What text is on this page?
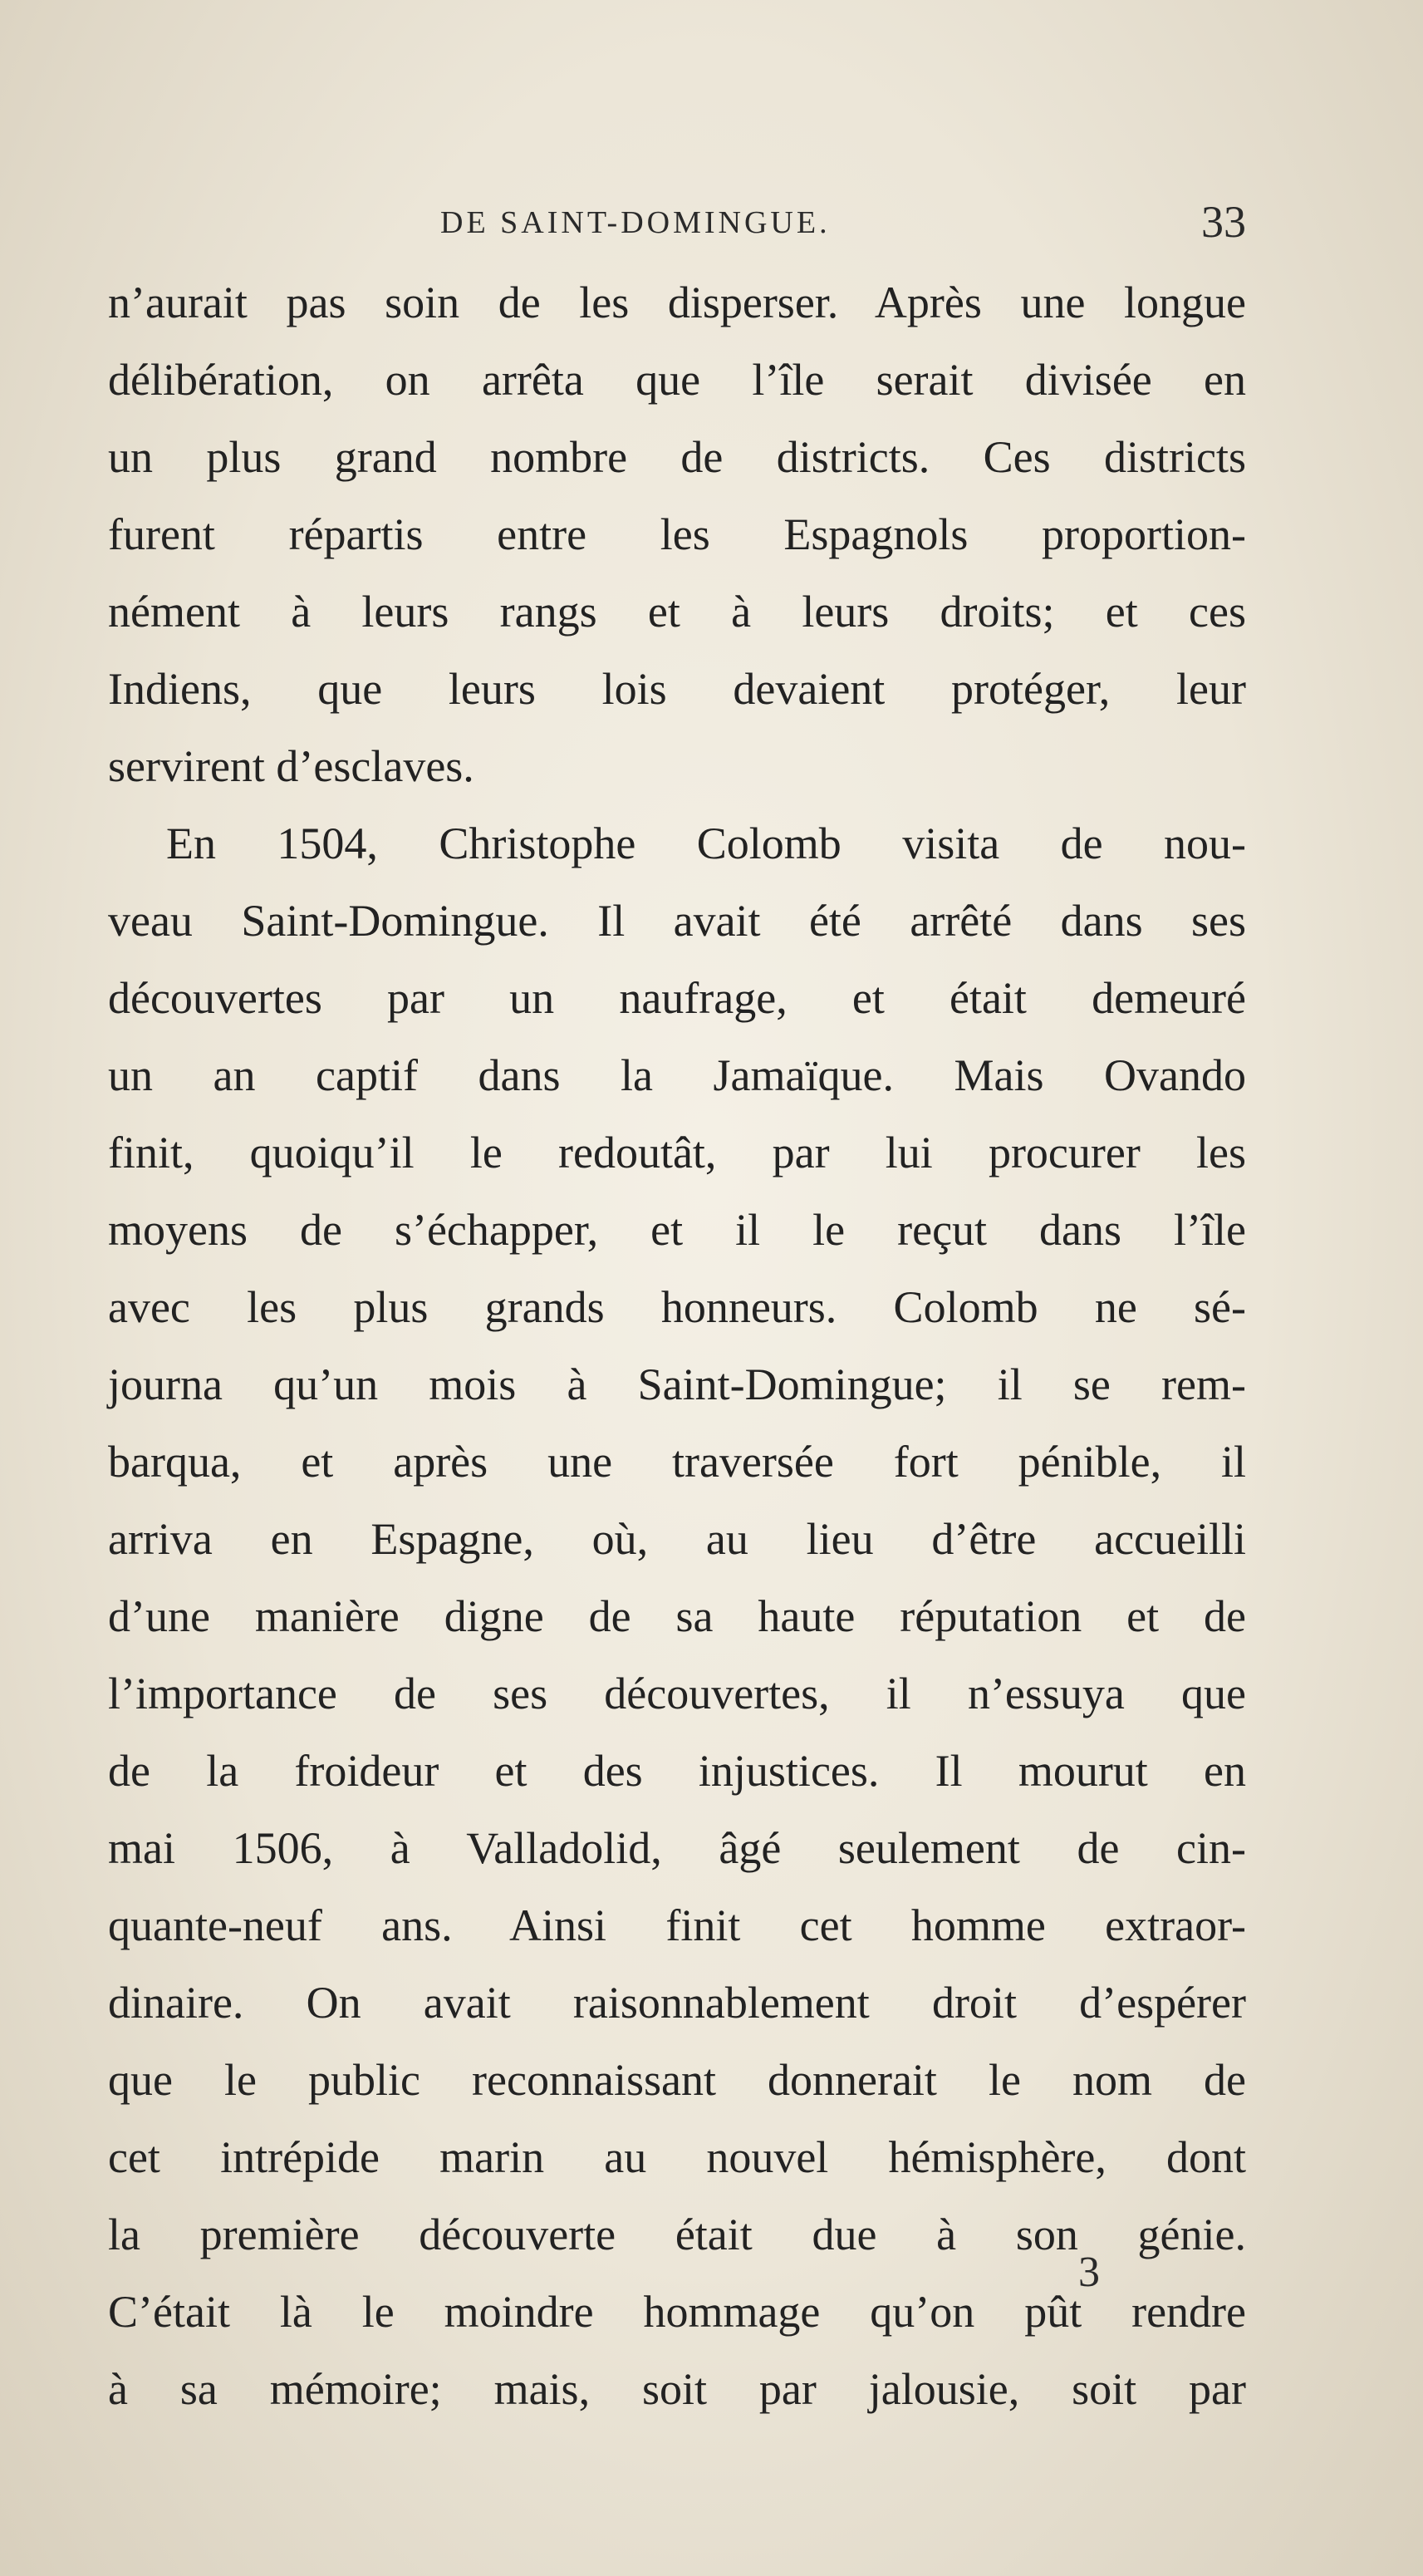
DE SAINT-DOMINGUE.	33
n’aurait pas soin de les disperser. Après une longue
délibération, on arrêta que l’île serait divisée en
un plus grand nombre de districts. Ces districts
furent répartis entre les Espagnols proportion-
nément à leurs rangs et à leurs droits; et ces
Indiens, que leurs lois devaient protéger, leur
servirent d’esclaves.
En 1504, Christophe Colomb visita de nou-
veau Saint-Domingue. Il avait été arrêté dans ses
découvertes par un naufrage, et était demeuré
un an captif dans la Jamaïque. Mais Ovando
finit, quoiqu’il le redoutât, par lui procurer les
moyens de s’échapper, et il le reçut dans l’île
avec les plus grands honneurs. Colomb ne sé-
journa qu’un mois à Saint-Domingue; il se rem-
barqua, et après une traversée fort pénible, il
arriva en Espagne, où, au lieu d’être accueilli
d’une manière digne de sa haute réputation et de
l’importance de ses découvertes, il n’essuya que
de la froideur et des injustices. Il mourut en
mai 1506, à Valladolid, âgé seulement de cin-
quante-neuf ans. Ainsi finit cet homme extraor-
dinaire. On avait raisonnablement droit d’espérer
que le public reconnaissant donnerait le nom de
cet intrépide marin au nouvel hémisphère, dont
la première découverte était due à son génie.
C’était là le moindre hommage qu’on pût rendre
à sa mémoire; mais, soit par jalousie, soit par
3
